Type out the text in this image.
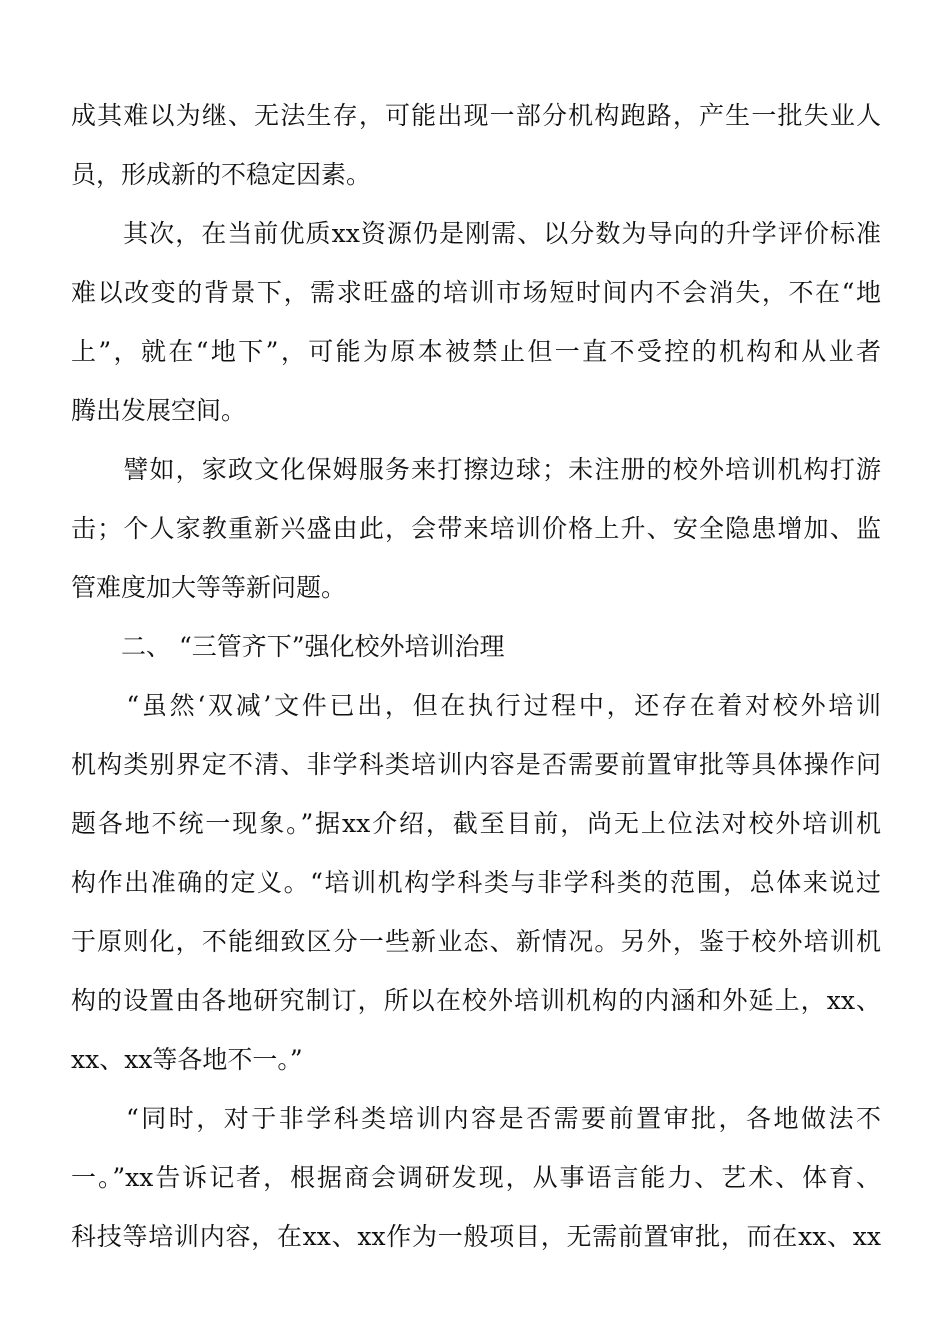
成其难以为继、无法生存，可能出现一部分机构跑路，产生一批失业人
员，形成新的不稳定因素。
　　其次，在当前优质xx资源仍是刚需、以分数为导向的升学评价标准
难以改变的背景下，需求旺盛的培训市场短时间内不会消失，不在“地
上”，就在“地下”，可能为原本被禁止但一直不受控的机构和从业者
腾出发展空间。
　　譬如，家政文化保姆服务来打擦边球；未注册的校外培训机构打游
击；个人家教重新兴盛由此，会带来培训价格上升、安全隐患增加、监
管难度加大等等新问题。
　　二、 “三管齐下”强化校外培训治理
　　“虽然‘双减’文件已出，但在执行过程中，还存在着对校外培训
机构类别界定不清、非学科类培训内容是否需要前置审批等具体操作问
题各地不统一现象。”据xx介绍，截至目前，尚无上位法对校外培训机
构作出准确的定义。“培训机构学科类与非学科类的范围，总体来说过
于原则化，不能细致区分一些新业态、新情况。另外，鉴于校外培训机
构的设置由各地研究制订，所以在校外培训机构的内涵和外延上，xx、
xx、xx等各地不一。”
　　“同时，对于非学科类培训内容是否需要前置审批，各地做法不
一。”xx告诉记者，根据商会调研发现，从事语言能力、艺术、体育、
科技等培训内容，在xx、xx作为一般项目，无需前置审批，而在xx、xx
